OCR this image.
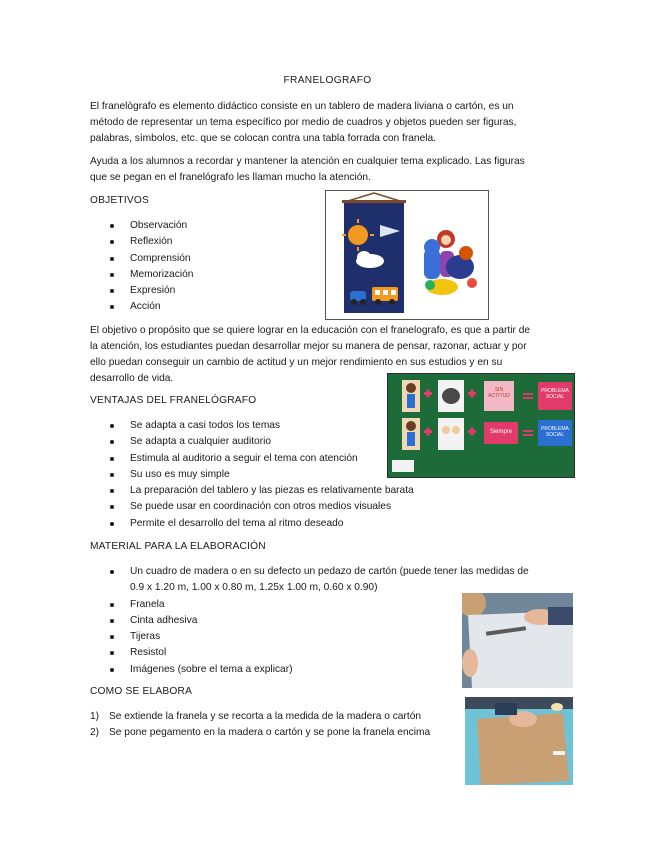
FRANELOGRAFO
El franelògrafo es elemento didáctico consiste en un tablero de madera liviana o cartón, es un
método de representar un tema específico por medio de cuadros y objetos pueden ser figuras,
palabras, símbolos, etc. que se colocan contra una tabla forrada con franela.
Ayuda a los alumnos a recordar y mantener la atención en cualquier tema explicado. Las figuras
que se pegan en el franelógrafo les llaman mucho la atención.
OBJETIVOS
Observación
Reflexión
Comprensión
Memorización
Expresión
Acción
El objetivo o propósito que se quiere lograr en la educación con el franelografo, es que a partir de
la atención, los estudiantes puedan desarrollar mejor su manera de pensar, razonar, actuar y por
ello puedan conseguir un cambio de actitud y un mejor rendimiento en sus estudios y en su
desarrollo de vida.
SIN ACTITUD
PROBLEMA SOCIAL
Siempre	PROBLEMA SOCIAL
VENTAJAS DEL FRANELÓGRAFO
Se adapta a casi todos los temas
Se adapta a cualquier auditorio
Estimula al auditorio a seguir el tema con atención
Su uso es muy simple
La preparación del tablero y las piezas es relativamente barata
Se puede usar en coordinación con otros medios visuales
Permite el desarrollo del tema al ritmo deseado
MATERIAL PARA LA ELABORACIÓN
Un cuadro de madera o en su defecto un pedazo de cartón (puede tener las medidas de
0.9 x 1.20 m, 1.00 x 0.80 m, 1.25x 1.00 m, 0.60 x 0.90)
Franela
Cinta adhesiva
Tijeras
Resistol
Imágenes (sobre el tema a explicar)
COMO SE ELABORA
1) Se extiende la franela y se recorta a la medida de la madera o cartón
2) Se pone pegamento en la madera o cartón y se pone la franela encima
